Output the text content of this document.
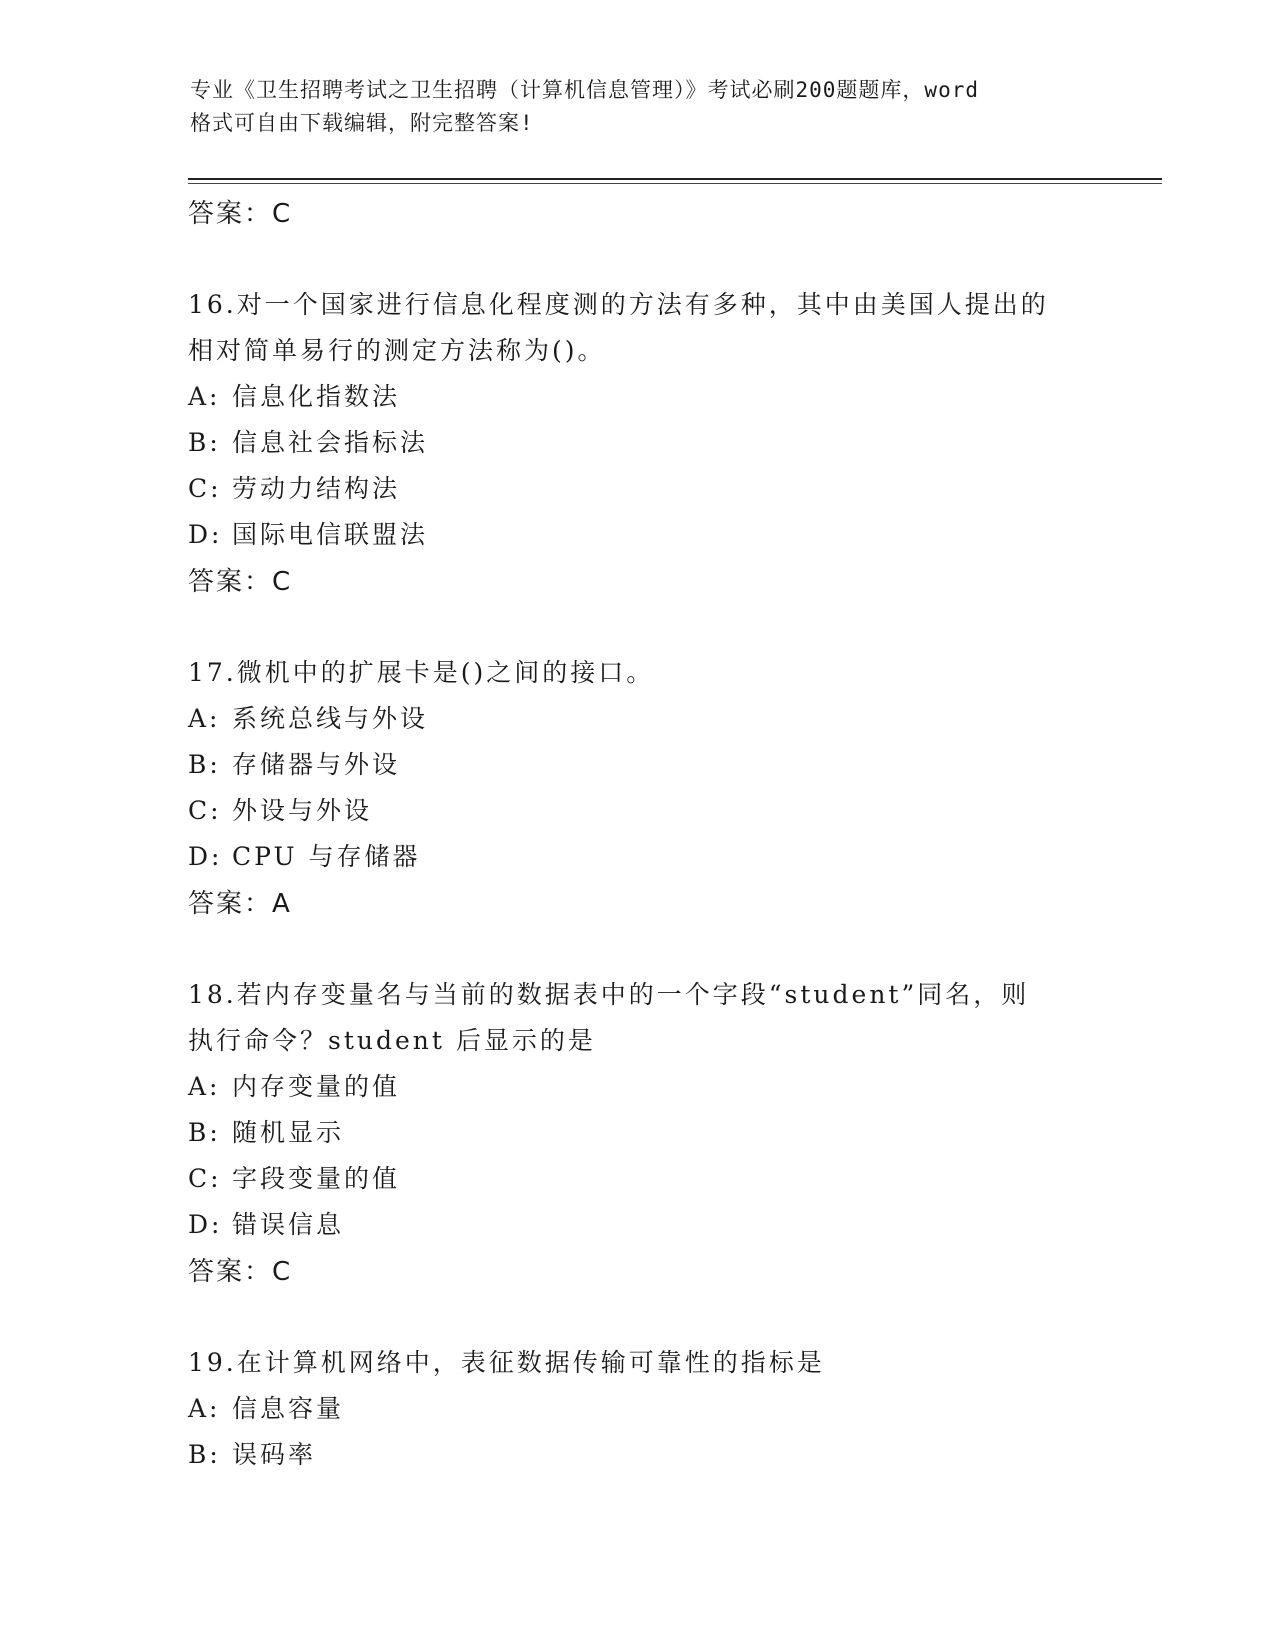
专业《卫生招聘考试之卫生招聘（计算机信息管理）》考试必刷200题题库，word
格式可自由下载编辑，附完整答案!
答案：C
16.对一个国家进行信息化程度测的方法有多种，其中由美国人提出的
相对简单易行的测定方法称为()。
A: 信息化指数法
B: 信息社会指标法
C: 劳动力结构法
D: 国际电信联盟法
答案：C
17.微机中的扩展卡是()之间的接口。
A: 系统总线与外设
B: 存储器与外设
C: 外设与外设
D: CPU 与存储器
答案：A
18.若内存变量名与当前的数据表中的一个字段“student”同名，则
执行命令？student 后显示的是
A: 内存变量的值
B: 随机显示
C: 字段变量的值
D: 错误信息
答案：C
19.在计算机网络中，表征数据传输可靠性的指标是
A: 信息容量
B: 误码率
